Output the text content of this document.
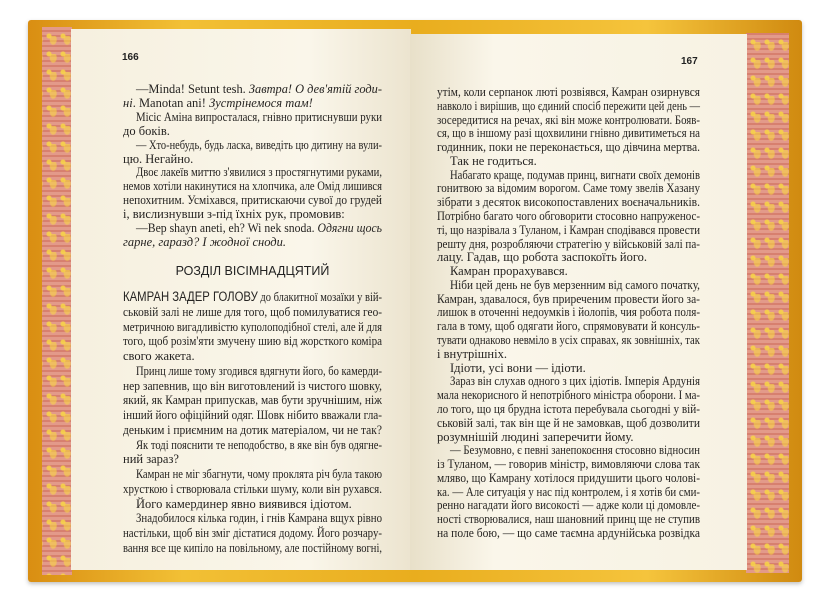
166	167
РОЗДІЛ ВІСІМНАДЦЯТИЙ
—Minda! Setunt tesh. Завтра! О дев'ятій годи-
ні. Manotan ani! Зустрінемося там!
Місіс Аміна випросталася, гнівно притиснувши руки
до боків.
— Хто-небудь, будь ласка, виведіть цю дитину на вули-
цю. Негайно.
Двоє лакеїв миттю з'явилися з простягнутими руками,
немов хотіли накинутися на хлопчика, але Омід лишився
непохитним. Усміхався, притискаючи сувої до грудей
і, вислизнувши з-під їхніх рук, промовив:
—Bep shayn aneti, eh? Wi nek snoda. Одягни щось
гарне, гаразд? І жодної сноди.
КАМРАН ЗАДЕР ГОЛОВУ до блакитної мозаїки у вій-
ськовій залі не лише для того, щоб помилуватися гео-
метричною вигадливістю куполоподібної стелі, але й для
того, щоб розім'яти змучену шию від жорсткого коміра
свого жакета.
Принц лише тому згодився вдягнути його, бо камерди-
нер запевнив, що він виготовлений із чистого шовку,
який, як Камран припускав, мав бути зручнішим, ніж
інший його офіційний одяг. Шовк нібито вважали гла-
деньким і приємним на дотик матеріалом, чи не так?
Як тоді пояснити те неподобство, в яке він був одягне-
ний зараз?
Камран не міг збагнути, чому проклята річ була такою
хрусткою і створювала стільки шуму, коли він рухався.
Його камердинер явно виявився ідіотом.
Знадобилося кілька годин, і гнів Камрана вщух рівно
настільки, щоб він зміг дістатися додому. Його розчару-
вання все ще кипіло на повільному, але постійному вогні,
утім, коли серпанок люті розвіявся, Камран озирнувся
навколо і вирішив, що єдиний спосіб пережити цей день —
зосередитися на речах, які він може контролювати. Бояв-
ся, що в іншому разі щохвилини гнівно дивитиметься на
годинник, поки не переконається, що дівчина мертва.
Так не годиться.
Набагато краще, подумав принц, вигнати своїх демонів
гонитвою за відомим ворогом. Саме тому звелів Хазану
зібрати з десяток високопоставлених воєначальників.
Потрібно багато чого обговорити стосовно напруженос-
ті, що назрівала з Туланом, і Камран сподівався провести
решту дня, розробляючи стратегію у військовій залі па-
лацу. Гадав, що робота заспокоїть його.
Камран прорахувався.
Ніби цей день не був мерзенним від самого початку,
Камран, здавалося, був приреченим провести його за-
лишок в оточенні недоумків і йолопів, чия робота поля-
гала в тому, щоб одягати його, спрямовувати й консуль-
тувати однаково невміло в усіх справах, як зовнішніх, так
і внутрішніх.
Ідіоти, усі вони — ідіоти.
Зараз він слухав одного з цих ідіотів. Імперія Ардунія
мала некорисного й непотрібного міністра оборони. І ма-
ло того, що ця брудна істота перебувала сьогодні у вій-
ськовій залі, так він ще й не замовкав, щоб дозволити
розумнішій людині заперечити йому.
— Безумовно, є певні занепокоєння стосовно відносин
із Туланом, — говорив міністр, вимовляючи слова так
мляво, що Камрану хотілося придушити цього чолові-
ка. — Але ситуація у нас під контролем, і я хотів би сми-
ренно нагадати його високості — адже коли ці домовле-
ності створювалися, наш шановний принц ще не ступив
на поле бою, — що саме таємна ардунійська розвідка
